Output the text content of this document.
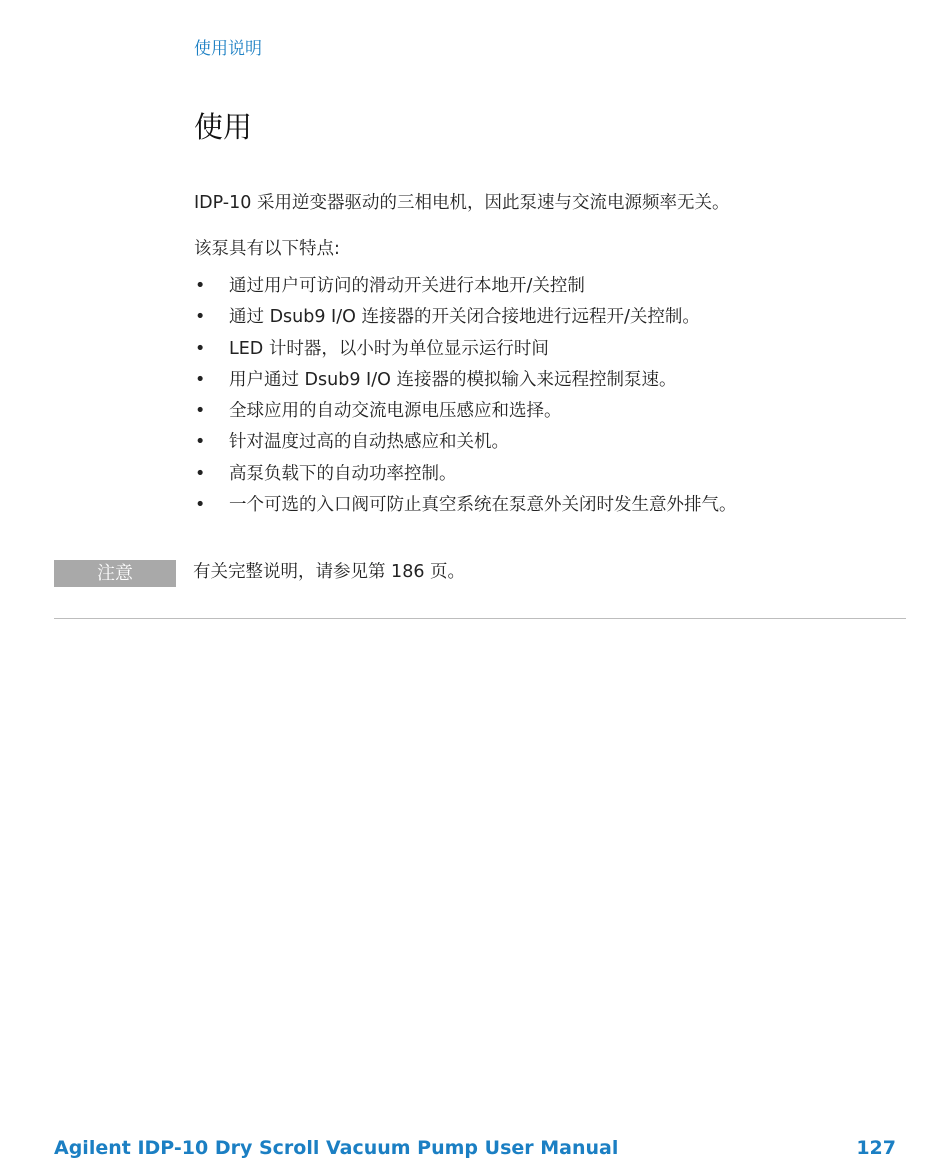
使用说明
使用

IDP-10 采用逆变器驱动的三相电机，因此泵速与交流电源频率无关。

该泵具有以下特点:

• 通过用户可访问的滑动开关进行本地开/关控制
• 通过 Dsub9 I/O 连接器的开关闭合接地进行远程开/关控制。
• LED 计时器，以小时为单位显示运行时间
• 用户通过 Dsub9 I/O 连接器的模拟输入来远程控制泵速。
• 全球应用的自动交流电源电压感应和选择。
• 针对温度过高的自动热感应和关机。
• 高泵负载下的自动功率控制。
• 一个可选的入口阀可防止真空系统在泵意外关闭时发生意外排气。
注意	有关完整说明，请参见第 186 页。
Agilent IDP-10 Dry Scroll Vacuum Pump User Manual	127
